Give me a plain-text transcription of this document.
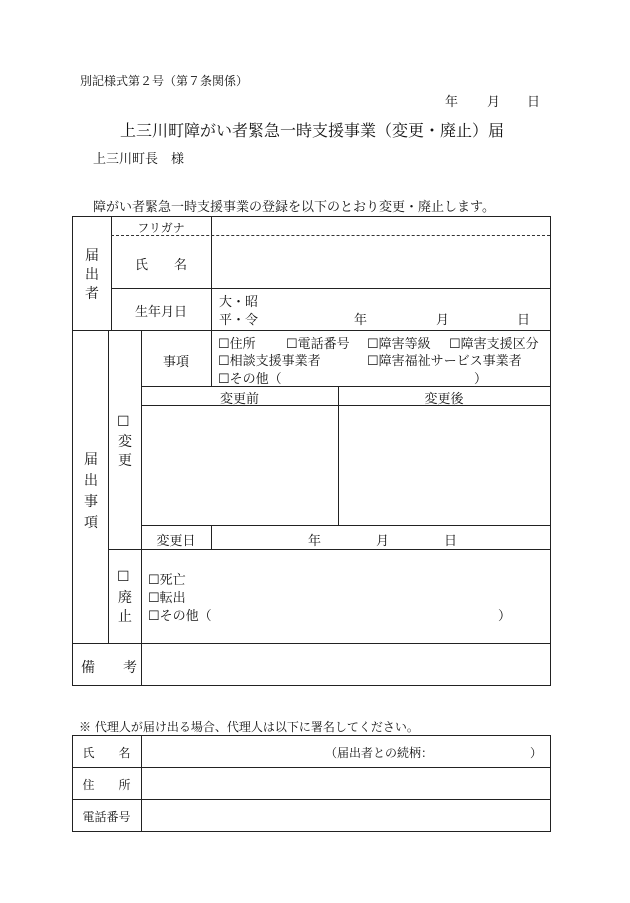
別記様式第２号（第７条関係）
年 月 日
上三川町障がい者緊急一時支援事業（変更・廃止）届
上三川町長　様
障がい者緊急一時支援事業の登録を以下のとおり変更・廃止します。
届
出
者
フリガナ
氏　　名
生年月日
大・昭
平・令	年	月	日
届
出
事
項
☐
変
更
事項
☐住所 ☐電話番号 ☐障害等級 ☐障害支援区分
☐相談支援事業者	☐障害福祉サービス事業者
☐その他（	）
変更前	変更後
変更日	年	月	日
☐
廃
止
☐死亡
☐転出
☐その他（	）
備　　考
※ 代理人が届け出る場合、代理人は以下に署名してください。
氏　　名	（届出者との続柄：	）
住　　所
電話番号
